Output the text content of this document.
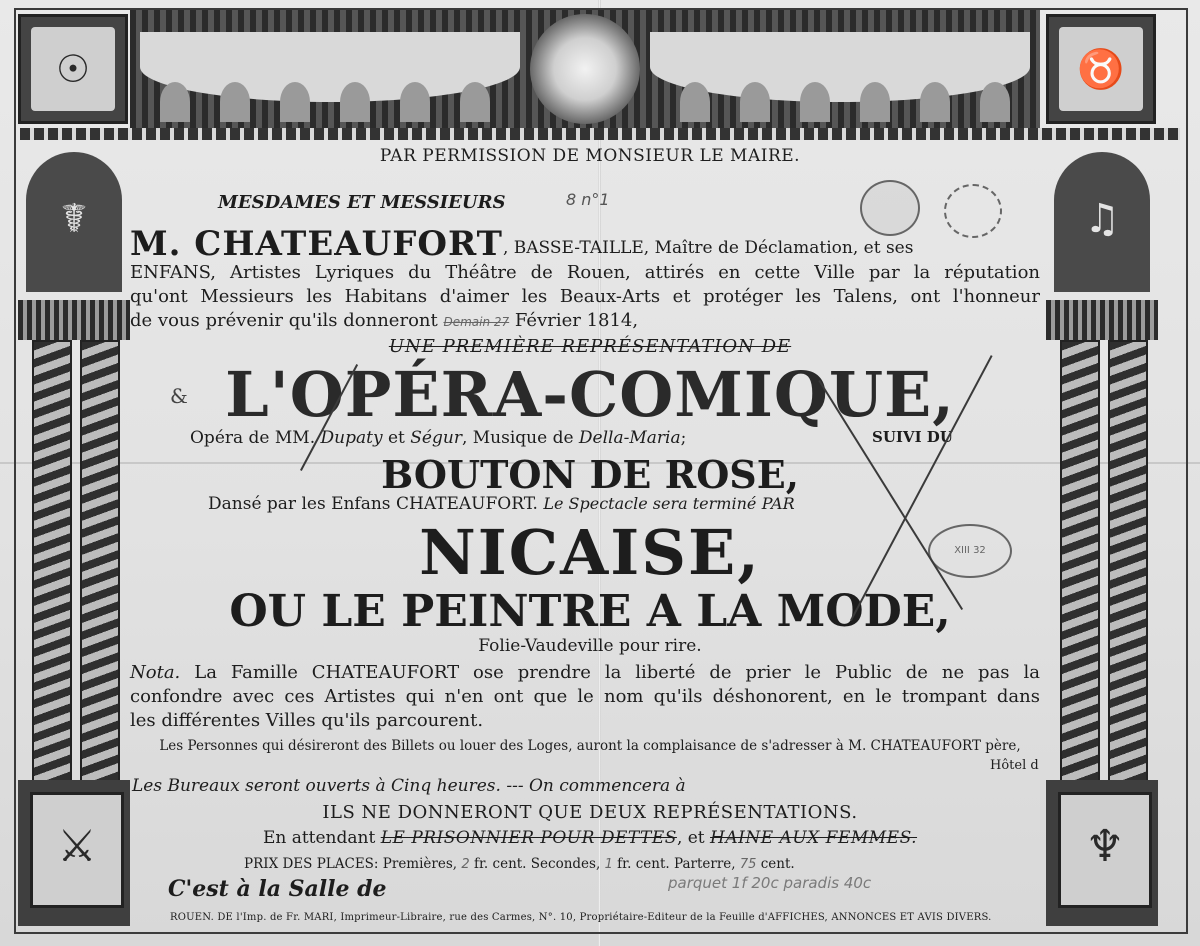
☉	♉
☤
⚔
♫
♆
XIII 32
PAR PERMISSION DE MONSIEUR LE MAIRE.
MESDAMES ET MESSIEURS	8 n°1
M. CHATEAUFORT, BASSE-TAILLE, Maître de Déclamation, et ses
ENFANS, Artistes Lyriques du Théâtre de Rouen, attirés en cette Ville par la réputation
qu'ont Messieurs les Habitans d'aimer les Beaux-Arts et protéger les Talens, ont l'honneur
de vous prévenir qu'ils donneront Demain 27 Février 1814,
UNE PREMIÈRE REPRÉSENTATION DE
& L'OPÉRA-COMIQUE,
Opéra de MM. Dupaty et Ségur, Musique de Della-Maria;	SUIVI DU
BOUTON DE ROSE,
Dansé par les Enfans CHATEAUFORT. Le Spectacle sera terminé PAR
NICAISE,
OU LE PEINTRE A LA MODE,
Folie-Vaudeville pour rire.
Nota. La Famille CHATEAUFORT ose prendre la liberté de prier le Public de ne pas la
confondre avec ces Artistes qui n'en ont que le nom qu'ils déshonorent, en le trompant dans
les différentes Villes qu'ils parcourent.
Les Personnes qui désireront des Billets ou louer des Loges, auront la complaisance de s'adresser à M. CHATEAUFORT père,
Hôtel d
Les Bureaux seront ouverts à Cinq heures. --- On commencera à
ILS NE DONNERONT QUE DEUX REPRÉSENTATIONS.
En attendant LE PRISONNIER POUR DETTES, et HAINE AUX FEMMES.
PRIX DES PLACES: Premières, 2 fr. cent. Secondes, 1 fr. cent. Parterre, 75 cent.
C'est à la Salle de	parquet 1f 20c paradis 40c
ROUEN. DE l'Imp. de Fr. MARI, Imprimeur-Libraire, rue des Carmes, N°. 10, Propriétaire-Editeur de la Feuille d'AFFICHES, ANNONCES ET AVIS DIVERS.
